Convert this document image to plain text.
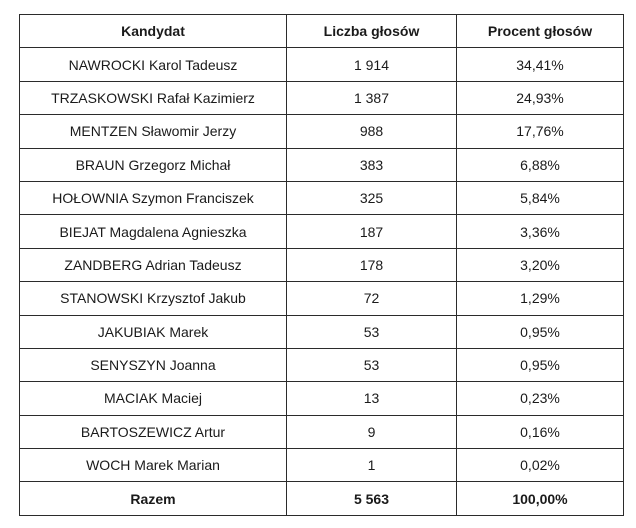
Kandydat	Liczba głosów	Procent głosów
NAWROCKI Karol Tadeusz	1 914	34,41%
TRZASKOWSKI Rafał Kazimierz	1 387	24,93%
MENTZEN Sławomir Jerzy	988	17,76%
BRAUN Grzegorz Michał	383	6,88%
HOŁOWNIA Szymon Franciszek	325	5,84%
BIEJAT Magdalena Agnieszka	187	3,36%
ZANDBERG Adrian Tadeusz	178	3,20%
STANOWSKI Krzysztof Jakub	72	1,29%
JAKUBIAK Marek	53	0,95%
SENYSZYN Joanna	53	0,95%
MACIAK Maciej	13	0,23%
BARTOSZEWICZ Artur	9	0,16%
WOCH Marek Marian	1	0,02%
Razem	5 563	100,00%
